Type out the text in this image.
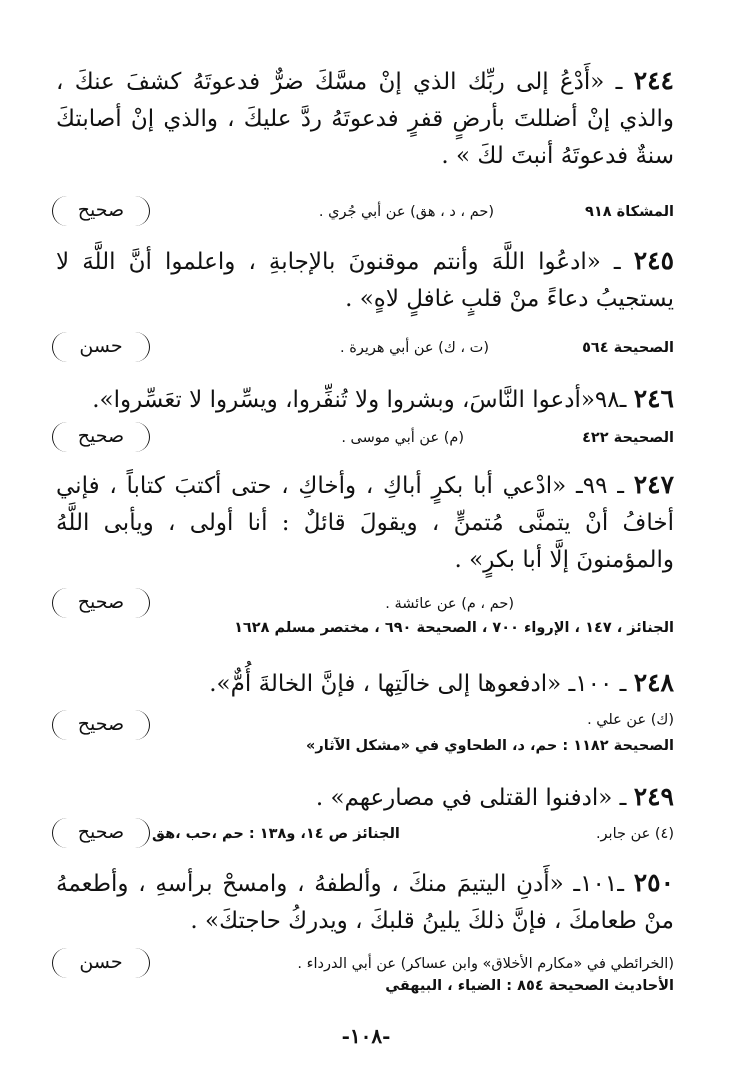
٢٤٤ ـ «أَدْعُ إلى ربِّك الذي إنْ مسَّكَ ضرٌّ فدعوتَهُ كشفَ عنكَ ، والذي إنْ أضللتَ بأرضٍ قفرٍ فدعوتَهُ ردَّ عليكَ ، والذي إنْ أصابتكَ سنةٌ فدعوتَهُ أنبتَ لكَ » .
المشكاة ٩١٨
(حم ، د ، هق) عن أبي جُري .
صحيح
٢٤٥ ـ «ادعُوا اللَّهَ وأنتم موقنونَ بالإجابةِ ، واعلموا أنَّ اللَّهَ لا يستجيبُ دعاءً منْ قلبٍ غافلٍ لاهٍ» .
الصحيحة ٥٦٤
(ت ، ك) عن أبي هريرة .
حسن
٢٤٦ ـ٩٨«أدعوا النَّاسَ، وبشروا ولا تُنفِّروا، ويسِّروا لا تعَسِّروا».
الصحيحة ٤٢٢
(م) عن أبي موسى .
صحيح
٢٤٧ ـ ٩٩ـ «ادْعي أبا بكرٍ أباكِ ، وأخاكِ ، حتى أكتبَ كتاباً ، فإني أخافُ أنْ يتمنَّى مُتمنٍّ ، ويقولَ قائلٌ : أنا أولى ، ويأبى اللَّهُ والمؤمنونَ إلَّا أبا بكرٍ» .
(حم ، م) عن عائشة .
صحيح
الجنائز ، ١٤٧ ، الإرواء ٧٠٠ ، الصحيحة ٦٩٠ ، مختصر مسلم ١٦٢٨
٢٤٨ ـ ١٠٠ـ «ادفعوها إلى خالَتِها ، فإنَّ الخالةَ أُمٌّ».
(ك) عن علي .
صحيح
الصحيحة ١١٨٢ : حم، د، الطحاوي في «مشكل الآثار»
٢٤٩ ـ «ادفنوا القتلى في مصارعهم» .
الجنائز ص ١٤، و١٣٨ : حم ،حب ،هق	(٤) عن جابر.
صحيح
٢٥٠ ـ١٠١ـ «أَدنِ اليتيمَ منكَ ، وألطفهُ ، وامسحْ برأسهِ ، وأطعمهُ منْ طعامكَ ، فإنَّ ذلكَ يلينُ قلبكَ ، ويدركُ حاجتكَ» .
(الخرائطي في «مكارم الأخلاق» وابن عساكر) عن أبي الدرداء .
حسن
الأحاديث الصحيحة ٨٥٤ : الضياء ، البيهقي
-١٠٨-
